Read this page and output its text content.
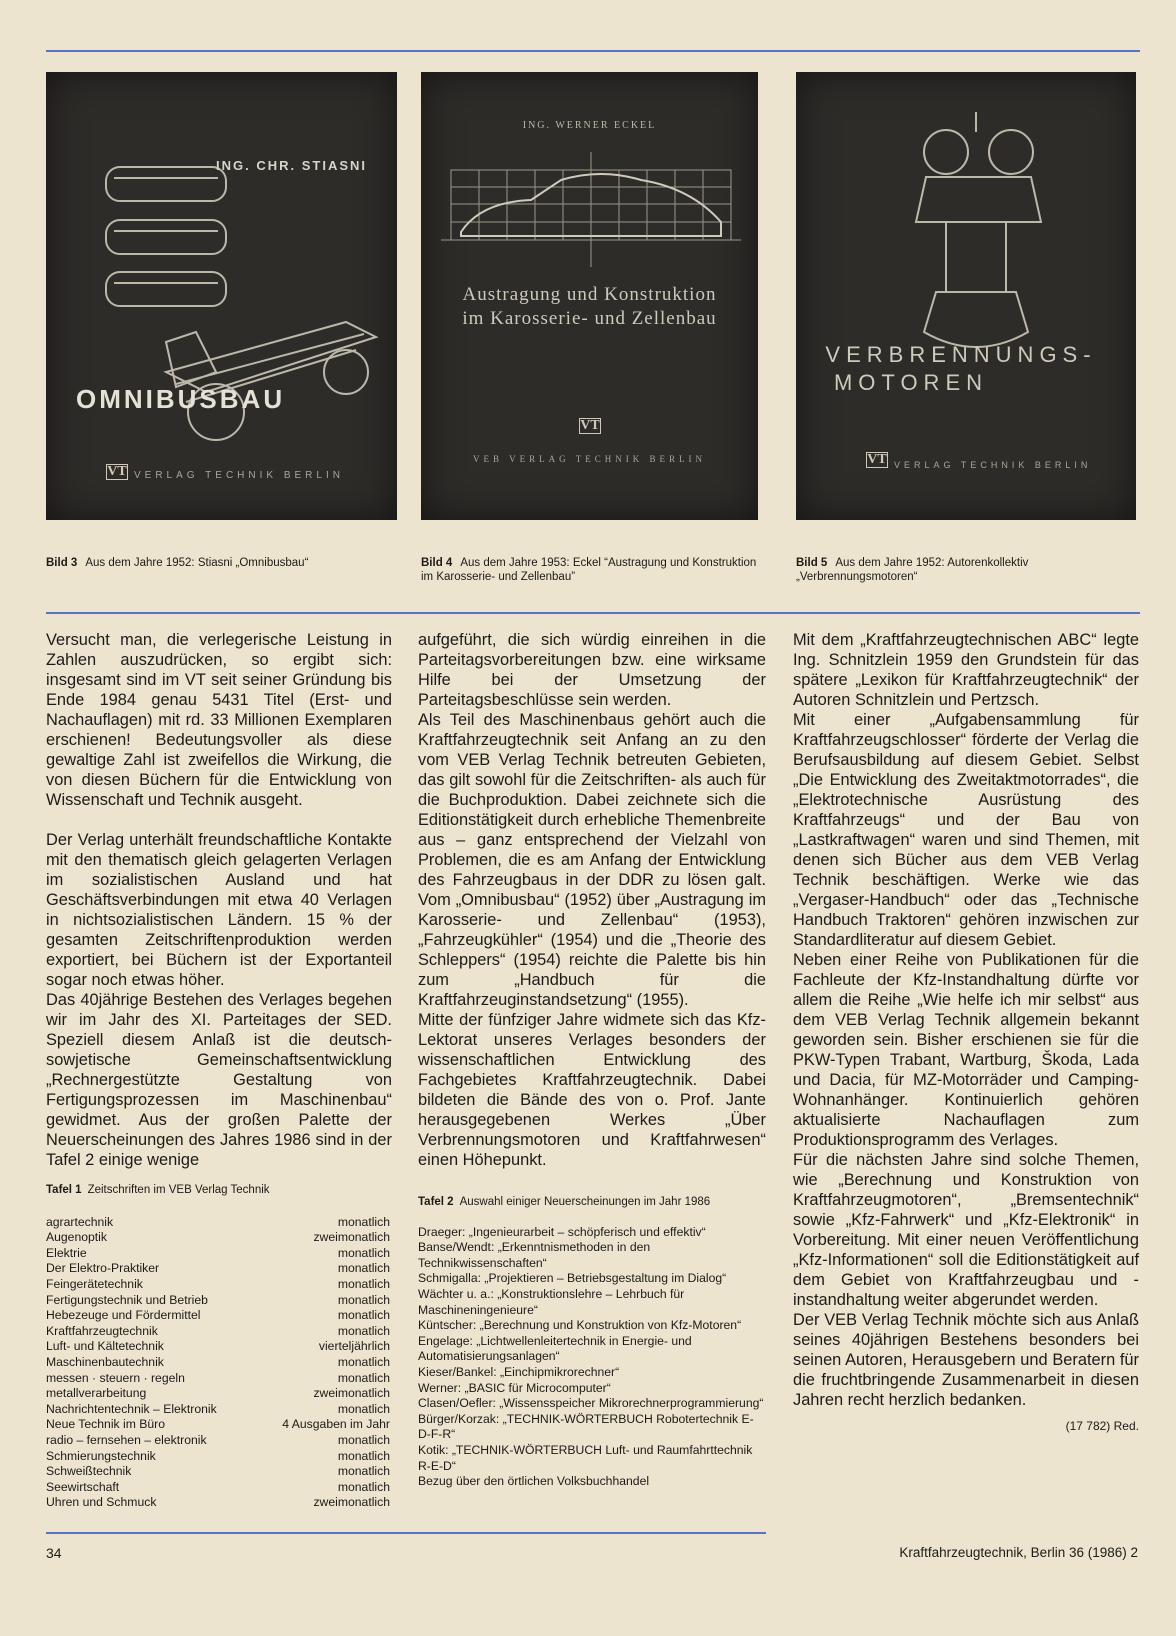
ING. CHR. STIASNI
OMNIBUSBAU
VT VERLAG TECHNIK BERLIN
ING. WERNER ECKEL
Austragung und Konstruktion
im Karosserie- und Zellenbau
VT
VEB VERLAG TECHNIK BERLIN
VERBRENNUNGS-
MOTOREN
VT VERLAG TECHNIK BERLIN
Bild 3 Aus dem Jahre 1952: Stiasni „Omnibusbau“	Bild 4 Aus dem Jahre 1953: Eckel “Austragung und Konstruktion im Karosserie- und Zellenbau”
Bild 5 Aus dem Jahre 1952: Autorenkollektiv „Verbrennungsmotoren“

Versucht man, die verlegerische Leistung in Zahlen auszudrücken, so ergibt sich: insgesamt sind im VT seit seiner Gründung bis Ende 1984 genau 5431 Titel (Erst- und Nachauflagen) mit rd. 33 Millionen Exemplaren erschienen! Bedeutungsvoller als diese gewaltige Zahl ist zweifellos die Wirkung, die von diesen Büchern für die Entwicklung von Wissenschaft und Technik ausgeht.

Der Verlag unterhält freundschaftliche Kontakte mit den thematisch gleich gelagerten Verlagen im sozialistischen Ausland und hat Geschäftsverbindungen mit etwa 40 Verlagen in nichtsozialistischen Ländern. 15 % der gesamten Zeitschriftenproduktion werden exportiert, bei Büchern ist der Exportanteil sogar noch etwas höher.

Das 40jährige Bestehen des Verlages begehen wir im Jahr des XI. Parteitages der SED. Speziell diesem Anlaß ist die deutsch-sowjetische Gemeinschaftsentwicklung „Rechnergestützte Gestaltung von Fertigungsprozessen im Maschinenbau“ gewidmet. Aus der großen Palette der Neuerscheinungen des Jahres 1986 sind in der Tafel 2 einige wenige

aufgeführt, die sich würdig einreihen in die Parteitagsvorbereitungen bzw. eine wirksame Hilfe bei der Umsetzung der Parteitagsbeschlüsse sein werden.

Als Teil des Maschinenbaus gehört auch die Kraftfahrzeugtechnik seit Anfang an zu den vom VEB Verlag Technik betreuten Gebieten, das gilt sowohl für die Zeitschriften- als auch für die Buchproduktion. Dabei zeichnete sich die Editionstätigkeit durch erhebliche Themenbreite aus – ganz entsprechend der Vielzahl von Problemen, die es am Anfang der Entwicklung des Fahrzeugbaus in der DDR zu lösen galt. Vom „Omnibusbau“ (1952) über „Austragung im Karosserie- und Zellenbau“ (1953), „Fahrzeugkühler“ (1954) und die „Theorie des Schleppers“ (1954) reichte die Palette bis hin zum „Handbuch für die Kraftfahrzeuginstandsetzung“ (1955).

Mitte der fünfziger Jahre widmete sich das Kfz-Lektorat unseres Verlages besonders der wissenschaftlichen Entwicklung des Fachgebietes Kraftfahrzeugtechnik. Dabei bildeten die Bände des von o. Prof. Jante herausgegebenen Werkes „Über Verbrennungsmotoren und Kraftfahrwesen“ einen Höhepunkt.

Mit dem „Kraftfahrzeugtechnischen ABC“ legte Ing. Schnitzlein 1959 den Grundstein für das spätere „Lexikon für Kraftfahrzeugtechnik“ der Autoren Schnitzlein und Pertzsch.

Mit einer „Aufgabensammlung für Kraftfahrzeugschlosser“ förderte der Verlag die Berufsausbildung auf diesem Gebiet. Selbst „Die Entwicklung des Zweitaktmotorrades“, die „Elektrotechnische Ausrüstung des Kraftfahrzeugs“ und der Bau von „Lastkraftwagen“ waren und sind Themen, mit denen sich Bücher aus dem VEB Verlag Technik beschäftigen. Werke wie das „Vergaser-Handbuch“ oder das „Technische Handbuch Traktoren“ gehören inzwischen zur Standardliteratur auf diesem Gebiet.

Neben einer Reihe von Publikationen für die Fachleute der Kfz-Instandhaltung dürfte vor allem die Reihe „Wie helfe ich mir selbst“ aus dem VEB Verlag Technik allgemein bekannt geworden sein. Bisher erschienen sie für die PKW-Typen Trabant, Wartburg, Škoda, Lada und Dacia, für MZ-Motorräder und Camping-Wohnanhänger. Kontinuierlich gehören aktualisierte Nachauflagen zum Produktionsprogramm des Verlages.

Für die nächsten Jahre sind solche Themen, wie „Berechnung und Konstruktion von Kraftfahrzeugmotoren“, „Bremsentechnik“ sowie „Kfz-Fahrwerk“ und „Kfz-Elektronik“ in Vorbereitung. Mit einer neuen Veröffentlichung „Kfz-Informationen“ soll die Editionstätigkeit auf dem Gebiet von Kraftfahrzeugbau und -instandhaltung weiter abgerundet werden.

Der VEB Verlag Technik möchte sich aus Anlaß seines 40jährigen Bestehens besonders bei seinen Autoren, Herausgebern und Beratern für die fruchtbringende Zusammenarbeit in diesen Jahren recht herzlich bedanken.

(17 782) Red.

Tafel 1 Zeitschriften im VEB Verlag Technik
agrartechnik	monatlich
Augenoptik	zweimonatlich
Elektrie	monatlich
Der Elektro-Praktiker	monatlich
Feingerätetechnik	monatlich
Fertigungstechnik und Betrieb	monatlich
Hebezeuge und Fördermittel	monatlich
Kraftfahrzeugtechnik	monatlich
Luft- und Kältetechnik	vierteljährlich
Maschinenbautechnik	monatlich
messen · steuern · regeln	monatlich
metallverarbeitung	zweimonatlich
Nachrichtentechnik – Elektronik	monatlich
Neue Technik im Büro	4 Ausgaben im Jahr
radio – fernsehen – elektronik	monatlich
Schmierungstechnik	monatlich
Schweißtechnik	monatlich
Seewirtschaft	monatlich
Uhren und Schmuck	zweimonatlich
Tafel 2 Auswahl einiger Neuerscheinungen im Jahr 1986
Draeger: „Ingenieurarbeit – schöpferisch und effektiv“
Banse/Wendt: „Erkenntnismethoden in den Technikwissenschaften“
Schmigalla: „Projektieren – Betriebsgestaltung im Dialog“
Wächter u. a.: „Konstruktionslehre – Lehrbuch für Maschineningenieure“
Küntscher: „Berechnung und Konstruktion von Kfz-Motoren“
Engelage: „Lichtwellenleitertechnik in Energie- und Automatisierungsanlagen“
Kieser/Bankel: „Einchipmikrorechner“
Werner: „BASIC für Microcomputer“
Clasen/Oefler: „Wissensspeicher Mikrorechnerprogrammierung“
Bürger/Korzak: „TECHNIK-WÖRTERBUCH Robotertechnik E-D-F-R“
Kotik: „TECHNIK-WÖRTERBUCH Luft- und Raumfahrttechnik R-E-D“
Bezug über den örtlichen Volksbuchhandel
34	Kraftfahrzeugtechnik, Berlin 36 (1986) 2
